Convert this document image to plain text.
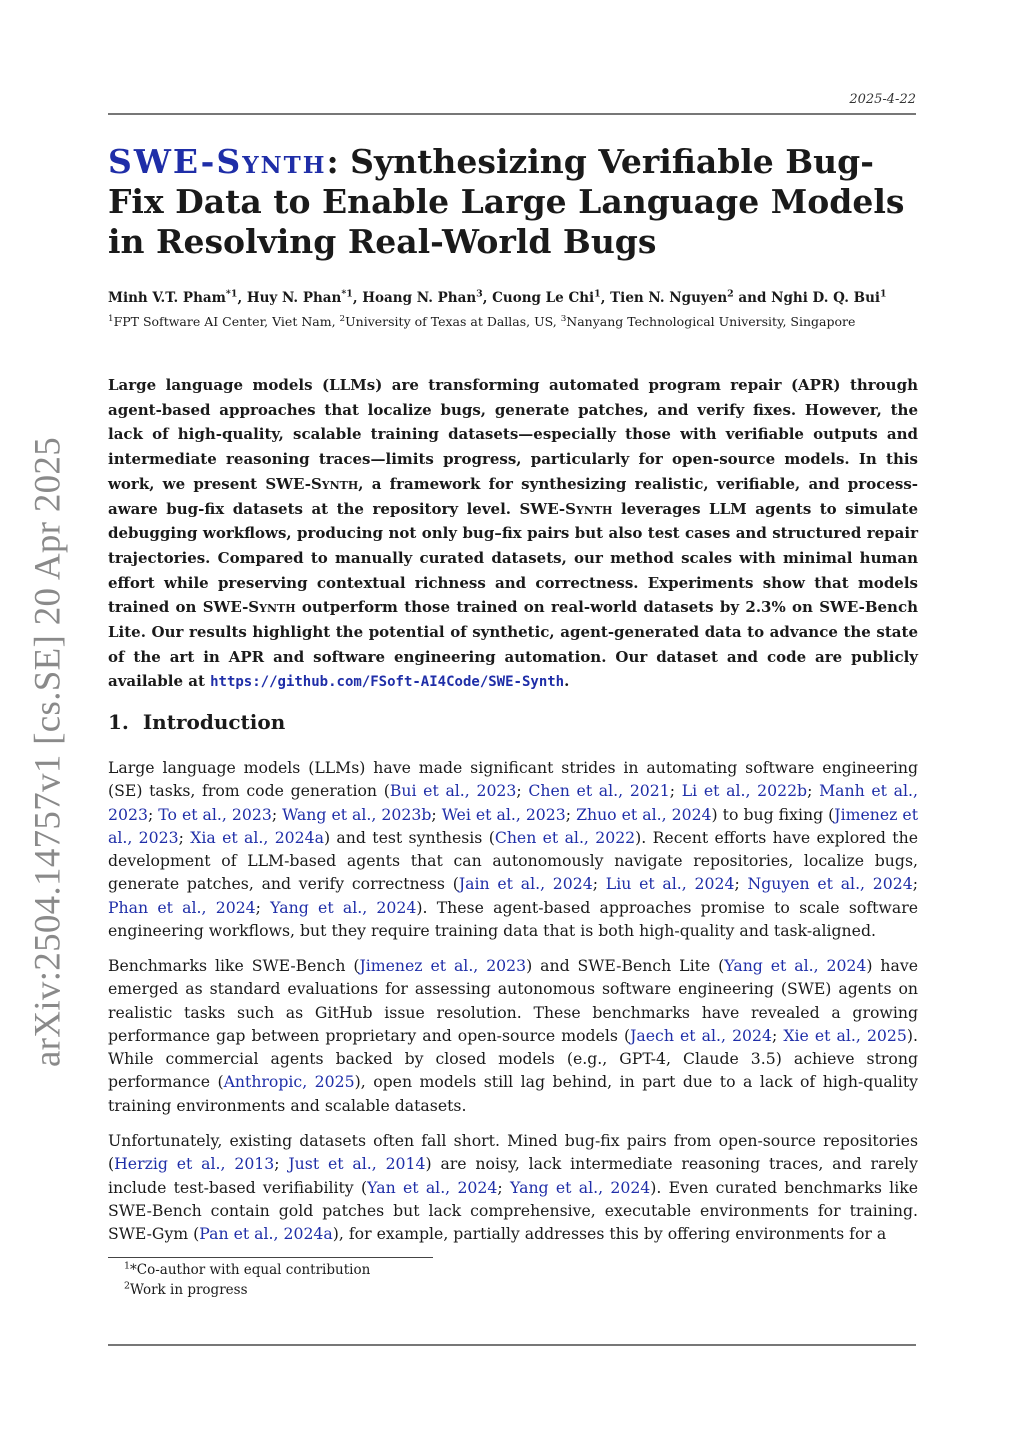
2025-4-22
arXiv:2504.14757v1 [cs.SE] 20 Apr 2025
SWE-Synth: Synthesizing Verifiable Bug-Fix Data to Enable Large Language Models in Resolving Real-World Bugs
Minh V.T. Pham$^{*1}$, Huy N. Phan$^{*1}$, Hoang N. Phan$^3$, Cuong Le Chi$^1$, Tien N. Nguyen$^2$ and Nghi D. Q. Bui$^1$
$^1$FPT Software AI Center, Viet Nam, $^2$University of Texas at Dallas, US, $^3$Nanyang Technological University, Singapore

Large language models (LLMs) are transforming automated program repair (APR) through agent-based approaches that localize bugs, generate patches, and verify fixes. However, the lack of high-quality, scalable training datasets—especially those with verifiable outputs and intermediate reasoning traces—limits progress, particularly for open-source models. In this work, we present SWE-Synth, a framework for synthesizing realistic, verifiable, and process-aware bug-fix datasets at the repository level. SWE-Synth leverages LLM agents to simulate debugging workflows, producing not only bug–fix pairs but also test cases and structured repair trajectories. Compared to manually curated datasets, our method scales with minimal human effort while preserving contextual richness and correctness. Experiments show that models trained on SWE-Synth outperform those trained on real-world datasets by 2.3% on SWE-Bench Lite. Our results highlight the potential of synthetic, agent-generated data to advance the state of the art in APR and software engineering automation. Our dataset and code are publicly available at https://github.com/FSoft-AI4Code/SWE-Synth.

1. Introduction

Large language models (LLMs) have made significant strides in automating software engineering (SE) tasks, from code generation (Bui et al., 2023; Chen et al., 2021; Li et al., 2022b; Manh et al., 2023; To et al., 2023; Wang et al., 2023b; Wei et al., 2023; Zhuo et al., 2024) to bug fixing (Jimenez et al., 2023; Xia et al., 2024a) and test synthesis (Chen et al., 2022). Recent efforts have explored the development of LLM-based agents that can autonomously navigate repositories, localize bugs, generate patches, and verify correctness (Jain et al., 2024; Liu et al., 2024; Nguyen et al., 2024; Phan et al., 2024; Yang et al., 2024). These agent-based approaches promise to scale software engineering workflows, but they require training data that is both high-quality and task-aligned.

Benchmarks like SWE-Bench (Jimenez et al., 2023) and SWE-Bench Lite (Yang et al., 2024) have emerged as standard evaluations for assessing autonomous software engineering (SWE) agents on realistic tasks such as GitHub issue resolution. These benchmarks have revealed a growing performance gap between proprietary and open-source models (Jaech et al., 2024; Xie et al., 2025). While commercial agents backed by closed models (e.g., GPT-4, Claude 3.5) achieve strong performance (Anthropic, 2025), open models still lag behind, in part due to a lack of high-quality training environments and scalable datasets.

Unfortunately, existing datasets often fall short. Mined bug-fix pairs from open-source repositories (Herzig et al., 2013; Just et al., 2014) are noisy, lack intermediate reasoning traces, and rarely include test-based verifiability (Yan et al., 2024; Yang et al., 2024). Even curated benchmarks like SWE-Bench contain gold patches but lack comprehensive, executable environments for training. SWE-Gym (Pan et al., 2024a), for example, partially addresses this by offering environments for a

$^1$*Co-author with equal contribution
$^2$Work in progress
